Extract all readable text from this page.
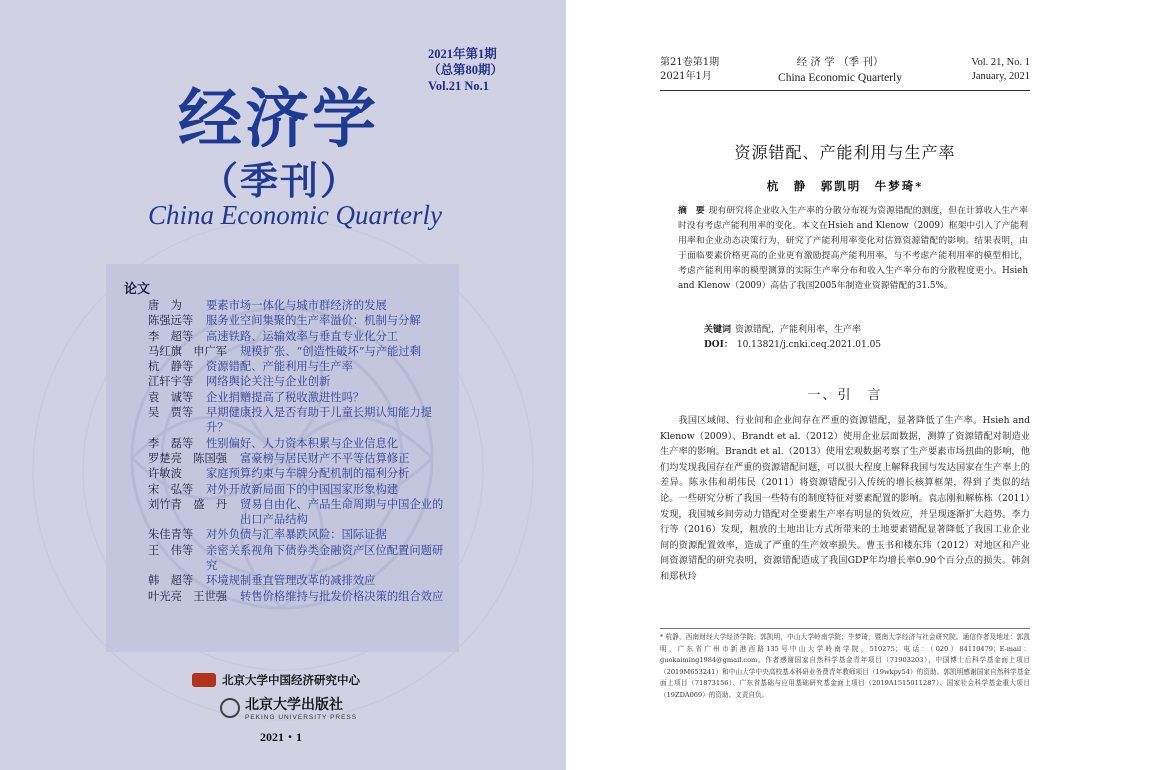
2021年第1期
（总第80期）
Vol.21 No.1
经济学
（季刊）
China Economic Quarterly
论文
唐　为	要素市场一体化与城市群经济的发展
陈强远等	服务业空间集聚的生产率溢价：机制与分解
李　超等	高速铁路、运输效率与垂直专业化分工
马红旗　申广军	规模扩张、“创造性破坏”与产能过剩
杭　静等	资源错配、产能利用与生产率
江轩宇等	网络舆论关注与企业创新
袁　诚等	企业捐赠提高了税收激进性吗？
吴　贾等	早期健康投入是否有助于儿童长期认知能力提升？
李　磊等	性别偏好、人力资本积累与企业信息化
罗楚亮　陈国强	富豪榜与居民财产不平等估算修正
许敏波	家庭预算约束与车牌分配机制的福利分析
宋　弘等	对外开放新局面下的中国国家形象构建
刘竹青　盛　丹	贸易自由化、产品生命周期与中国企业的出口产品结构
朱佳青等	对外负债与汇率暴跌风险：国际证据
王　伟等	亲密关系视角下债券类金融资产区位配置问题研究
韩　超等	环境规制垂直管理改革的减排效应
叶光亮　王世强	转售价格维持与批发价格决策的组合效应
北京大学中国经济研究中心
北京大学出版社
PEKING UNIVERSITY PRESS
2021・1
第21卷第1期
2021年1月
经 济 学 （季 刊）
China Economic Quarterly
Vol. 21, No. 1
January, 2021
资源错配、产能利用与生产率
杭　静　郭凯明　牛梦琦*
摘　要 现有研究将企业收入生产率的分散分布视为资源错配的测度，但在计算收入生产率时没有考虑产能利用率的变化。本文在Hsieh and Klenow（2009）框架中引入了产能利用率和企业动态决策行为，研究了产能利用率变化对估算资源错配的影响。结果表明，由于面临要素价格更高的企业更有激励提高产能利用率，与不考虑产能利用率的模型相比，考虑产能利用率的模型测算的实际生产率分布和收入生产率分布的分散程度更小。Hsieh and Klenow（2009）高估了我国2005年制造业资源错配的31.5%。
关键词 资源错配，产能利用率，生产率
DOI： 10.13821/j.cnki.ceq.2021.01.05
一、引　言
我国区域间、行业间和企业间存在严重的资源错配，显著降低了生产率。Hsieh and Klenow（2009）、Brandt et al.（2012）使用企业层面数据，测算了资源错配对制造业生产率的影响。Brandt et al.（2013）使用宏观数据考察了生产要素市场扭曲的影响，他们均发现我国存在严重的资源错配问题，可以很大程度上解释我国与发达国家在生产率上的差异。陈永伟和胡伟民（2011）将资源错配引入传统的增长核算框架，得到了类似的结论。一些研究分析了我国一些特有的制度特征对要素配置的影响。袁志刚和解栋栋（2011）发现，我国城乡间劳动力错配对全要素生产率有明显的负效应，并呈现逐渐扩大趋势。李力行等（2016）发现，粗放的土地出让方式所带来的土地要素错配显著降低了我国工业企业间的资源配置效率，造成了严重的生产效率损失。曹玉书和楼东玮（2012）对地区和产业间资源错配的研究表明，资源错配造成了我国GDP年均增长率0.90个百分点的损失。韩剑和郑秋玲
* 杭静，西南财经大学经济学院；郭凯明，中山大学岭南学院；牛梦琦，暨南大学经济与社会研究院。通信作者及地址：郭凯明，广东省广州市新港西路135号中山大学岭南学院，510275；电话：（020）84110479；E-mail：guokaiming1984@gmail.com。作者感谢国家自然科学基金青年项目（71903203）、中国博士后科学基金面上项目（2019M653241）和中山大学中央高校基本科研业务费青年教师项目（19wkpy54）的资助。郭凯明感谢国家自然科学基金面上项目（71873156）、广东省基础与应用基础研究基金面上项目（2019A1515011287）、国家社会科学基金重大项目（19ZDA069）的资助。文责自负。
